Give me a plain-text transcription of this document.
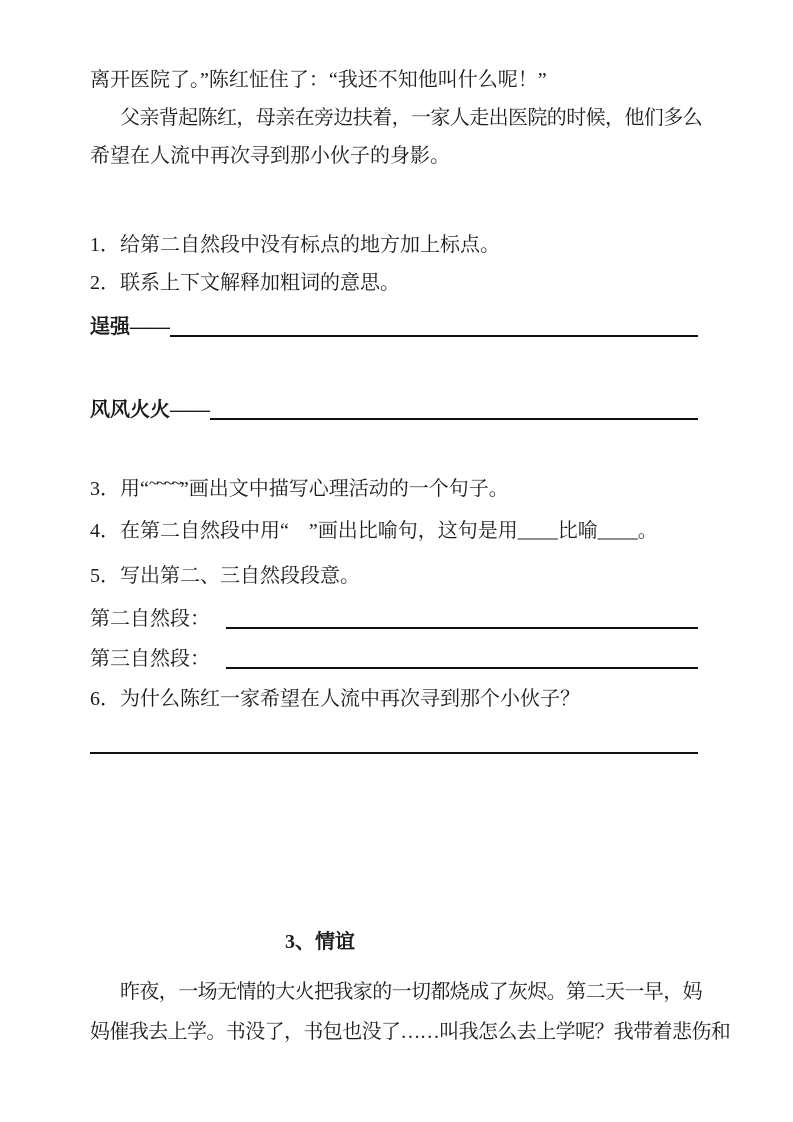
离开医院了。”陈红怔住了：“我还不知他叫什么呢！”
父亲背起陈红，母亲在旁边扶着，一家人走出医院的时候，他们多么
希望在人流中再次寻到那小伙子的身影。
1．给第二自然段中没有标点的地方加上标点。
2．联系上下文解释加粗词的意思。
逞强——
风风火火——
3．用“~~~~”画出文中描写心理活动的一个句子。
4．在第二自然段中用“　”画出比喻句，这句是用____比喻____。
5．写出第二、三自然段段意。
第二自然段：
第三自然段：
6．为什么陈红一家希望在人流中再次寻到那个小伙子？
3、情谊
昨夜，一场无情的大火把我家的一切都烧成了灰烬。第二天一早，妈
妈催我去上学。书没了，书包也没了……叫我怎么去上学呢？我带着悲伤和
